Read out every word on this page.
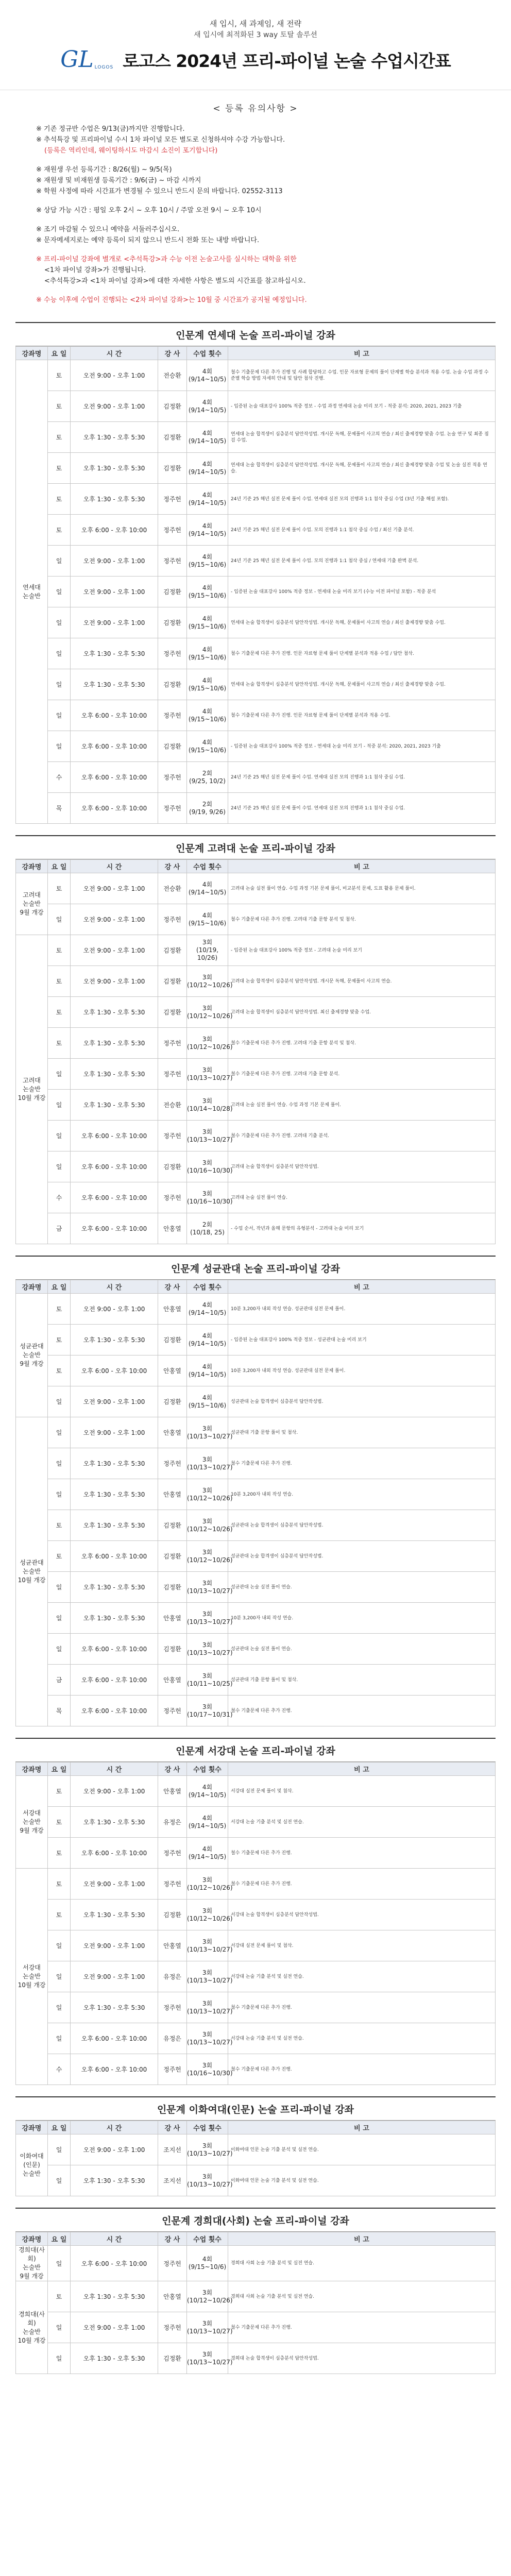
새 입시, 새 과제임, 새 전략
새 입시에 최적화된 3 way 토탈 솔루션
GL LOGOS 로고스 2024년 프리-파이널 논술 수업시간표
< 등록 유의사항 >

※ 기존 정규반 수업은 9/13(금)까지만 진행합니다.

※ 추석특강 및 프리파이널 수시 1차 파이널 모든 별도로 신청하셔야 수강 가능합니다.

(등록은 역리인데, 웨이팅하시도 마감시 소진이 포기합니다)

※ 재원생 우선 등록기간 : 8/26(월) ~ 9/5(목)

※ 재원생 및 비재원생 등록기간 : 9/6(금) ~ 마감 시까지

※ 학원 사정에 따라 시간표가 변경될 수 있으니 반드시 문의 바랍니다. 02552-3113

※ 상담 가능 시간 : 평일 오후 2시 ~ 오후 10시 / 주말 오전 9시 ~ 오후 10시

※ 조기 마감될 수 있으니 예약을 서둘러주십시오.

※ 문자메세지로는 예약 등록이 되지 않으니 반드시 전화 또는 내방 바랍니다.

※ 프리-파이널 강좌에 별개로 <추석특강>과 수능 이전 논술고사를 실시하는 대학을 위한

<1차 파이널 강좌>가 진행됩니다.

<추석특강>과 <1차 파이널 강좌>에 대한 자세한 사항은 별도의 시간표를 참고하십시오.

※ 수능 이후에 수업이 진행되는 <2차 파이널 강좌>는 10월 중 시간표가 공지될 예정입니다.

인문계 연세대 논술 프리-파이널 강좌
강좌명	요 일	시 간	강 사	수업 횟수	비 고
연세대
논술반	토	오전 9:00 - 오후 1:00	전승환	4회
(9/14~10/5)	철수 기출문제 다른 추가 진행 및 사례 합당하고 수업. 인문 자료형 문제의 풀이 단계별 학습 분석과 적용 수업. 논술 수업 과정 수준별 학습 방법 자세히 안내 및 답안 첨삭 진행.
	토	오전 9:00 - 오후 1:00	김정환	4회
(9/14~10/5)	- 입증된 논술 대표강사 100% 적중 정보 - 수업 과정 연세대 논술 미리 보기 - 적중 분석: 2020, 2021, 2023 기출
	토	오후 1:30 - 오후 5:30	김정환	4회
(9/14~10/5)	연세대 논술 합격생이 심층분석 답안작성법. 개시문 독해, 문제풀이 사고의 연습 / 최신 출제경향 맞춤 수업. 논술 연구 및 최종 점검 수업.
	토	오후 1:30 - 오후 5:30	김정환	4회
(9/14~10/5)	연세대 논술 합격생이 심층분석 답안작성법. 개시문 독해, 문제풀이 사고의 연습 / 최신 출제경향 맞춤 수업 및 논술 실전 적용 연습.
	토	오후 1:30 - 오후 5:30	정주헌	4회
(9/14~10/5)	24년 기준 25 해년 실전 문제 풀이 수업. 연세대 실전 모의 진행과 1:1 첨삭 중심 수업 (3년 기출 해설 포함).
	토	오후 6:00 - 오후 10:00	정주헌	4회
(9/14~10/5)	24년 기준 25 해년 실전 문제 풀이 수업. 모의 진행과 1:1 첨삭 중심 수업 / 최신 기출 분석.
	일	오전 9:00 - 오후 1:00	정주헌	4회
(9/15~10/6)	24년 기준 25 해년 실전 문제 풀이 수업. 모의 진행과 1:1 첨삭 중심 / 연세대 기출 완벽 분석.
	일	오전 9:00 - 오후 1:00	김정환	4회
(9/15~10/6)	- 입증된 논술 대표강사 100% 적중 정보 - 연세대 논술 미리 보기 (수능 이전 파이널 포함) - 적중 분석
	일	오전 9:00 - 오후 1:00	김정환	4회
(9/15~10/6)	연세대 논술 합격생이 심층분석 답안작성법. 개시문 독해, 문제풀이 사고의 연습 / 최신 출제경향 맞춤 수업.
	일	오후 1:30 - 오후 5:30	정주헌	4회
(9/15~10/6)	철수 기출문제 다른 추가 진행. 인문 자료형 문제 풀이 단계별 분석과 적용 수업 / 답안 첨삭.
	일	오후 1:30 - 오후 5:30	김정환	4회
(9/15~10/6)	연세대 논술 합격생이 심층분석 답안작성법. 개시문 독해, 문제풀이 사고의 연습 / 최신 출제경향 맞춤 수업.
	일	오후 6:00 - 오후 10:00	정주헌	4회
(9/15~10/6)	철수 기출문제 다른 추가 진행. 인문 자료형 문제 풀이 단계별 분석과 적용 수업.
	일	오후 6:00 - 오후 10:00	김정환	4회
(9/15~10/6)	- 입증된 논술 대표강사 100% 적중 정보 - 연세대 논술 미리 보기 - 적중 분석: 2020, 2021, 2023 기출
	수	오후 6:00 - 오후 10:00	정주헌	2회
(9/25, 10/2)	24년 기준 25 해년 실전 문제 풀이 수업. 연세대 실전 모의 진행과 1:1 첨삭 중심 수업.
	목	오후 6:00 - 오후 10:00	정주헌	2회
(9/19, 9/26)	24년 기준 25 해년 실전 문제 풀이 수업. 연세대 실전 모의 진행과 1:1 첨삭 중심 수업.
인문계 고려대 논술 프리-파이널 강좌
강좌명	요 일	시 간	강 사	수업 횟수	비 고
고려대
논술반
9월 개강	토	오전 9:00 - 오후 1:00	전승환	4회
(9/14~10/5)	고려대 논술 실전 풀이 연습. 수업 과정 기본 문제 풀이, 비교분석 문제, 도표 활용 문제 풀이.
	일	오전 9:00 - 오후 1:00	정주헌	4회
(9/15~10/6)	철수 기출문제 다른 추가 진행. 고려대 기출 문항 분석 및 첨삭.
고려대
논술반
10월 개강	토	오전 9:00 - 오후 1:00	김정환	3회
(10/19, 10/26)	- 입증된 논술 대표강사 100% 적중 정보 - 고려대 논술 미리 보기
	토	오전 9:00 - 오후 1:00	김정환	3회
(10/12~10/26)	고려대 논술 합격생이 심층분석 답안작성법. 개시문 독해, 문제풀이 사고의 연습.
	토	오후 1:30 - 오후 5:30	김정환	3회
(10/12~10/26)	고려대 논술 합격생이 심층분석 답안작성법. 최신 출제경향 맞춤 수업.
	토	오후 1:30 - 오후 5:30	정주헌	3회
(10/12~10/26)	철수 기출문제 다른 추가 진행. 고려대 기출 문항 분석 및 첨삭.
	일	오후 1:30 - 오후 5:30	정주헌	3회
(10/13~10/27)	철수 기출문제 다른 추가 진행. 고려대 기출 문항 분석.
	일	오후 1:30 - 오후 5:30	전승환	3회
(10/14~10/28)	고려대 논술 실전 풀이 연습. 수업 과정 기본 문제 풀이.
	일	오후 6:00 - 오후 10:00	정주헌	3회
(10/13~10/27)	철수 기출문제 다른 추가 진행. 고려대 기출 분석.
	일	오후 6:00 - 오후 10:00	김정환	3회
(10/16~10/30)	고려대 논술 합격생이 심층분석 답안작성법.
	수	오후 6:00 - 오후 10:00	정주헌	3회
(10/16~10/30)	고려대 논술 실전 풀이 연습.
	금	오후 6:00 - 오후 10:00	안홍열	2회
(10/18, 25)	- 수업 순서, 작년과 올해 문항의 유형분석 - 고려대 논술 미리 보기
인문계 성균관대 논술 프리-파이널 강좌
강좌명	요 일	시 간	강 사	수업 횟수	비 고
성균관대
논술반
9월 개강	토	오전 9:00 - 오후 1:00	안홍열	4회
(9/14~10/5)	10분 3,200자 내외 작성 연습. 성균관대 실전 문제 풀이.
	토	오후 1:30 - 오후 5:30	김정환	4회
(9/14~10/5)	- 입증된 논술 대표강사 100% 적중 정보 - 성균관대 논술 미리 보기
	토	오후 6:00 - 오후 10:00	안홍열	4회
(9/14~10/5)	10분 3,200자 내외 작성 연습. 성균관대 실전 문제 풀이.
	일	오전 9:00 - 오후 1:00	김정환	4회
(9/15~10/6)	성균관대 논술 합격생이 심층분석 답안작성법.
성균관대
논술반
10월 개강	일	오전 9:00 - 오후 1:00	안홍열	3회
(10/13~10/27)	성균관대 기출 문항 풀이 및 첨삭.
	일	오후 1:30 - 오후 5:30	정주헌	3회
(10/13~10/27)	철수 기출문제 다른 추가 진행.
	일	오후 1:30 - 오후 5:30	안홍열	3회
(10/12~10/26)	10분 3,200자 내외 작성 연습.
	토	오후 1:30 - 오후 5:30	김정환	3회
(10/12~10/26)	성균관대 논술 합격생이 심층분석 답안작성법.
	토	오후 6:00 - 오후 10:00	김정환	3회
(10/12~10/26)	성균관대 논술 합격생이 심층분석 답안작성법.
	일	오후 1:30 - 오후 5:30	김정환	3회
(10/13~10/27)	성균관대 논술 실전 풀이 연습.
	일	오후 1:30 - 오후 5:30	안홍열	3회
(10/13~10/27)	10분 3,200자 내외 작성 연습.
	일	오후 6:00 - 오후 10:00	김정환	3회
(10/13~10/27)	성균관대 논술 실전 풀이 연습.
	금	오후 6:00 - 오후 10:00	안홍열	3회
(10/11~10/25)	성균관대 기출 문항 풀이 및 첨삭.
	목	오후 6:00 - 오후 10:00	정주헌	3회
(10/17~10/31)	철수 기출문제 다른 추가 진행.
인문계 서강대 논술 프리-파이널 강좌
강좌명	요 일	시 간	강 사	수업 횟수	비 고
서강대
논술반
9월 개강	토	오전 9:00 - 오후 1:00	안홍열	4회
(9/14~10/5)	서강대 실전 문제 풀이 및 첨삭.
	토	오후 1:30 - 오후 5:30	유정은	4회
(9/14~10/5)	서강대 논술 기출 분석 및 실전 연습.
	토	오후 6:00 - 오후 10:00	정주헌	4회
(9/14~10/5)	철수 기출문제 다른 추가 진행.
서강대
논술반
10월 개강	토	오전 9:00 - 오후 1:00	정주헌	3회
(10/12~10/26)	철수 기출문제 다른 추가 진행.
	토	오후 1:30 - 오후 5:30	김정환	3회
(10/12~10/26)	서강대 논술 합격생이 심층분석 답안작성법.
	일	오전 9:00 - 오후 1:00	안홍열	3회
(10/13~10/27)	서강대 실전 문제 풀이 및 첨삭.
	일	오전 9:00 - 오후 1:00	유정은	3회
(10/13~10/27)	서강대 논술 기출 분석 및 실전 연습.
	일	오후 1:30 - 오후 5:30	정주헌	3회
(10/13~10/27)	철수 기출문제 다른 추가 진행.
	일	오후 6:00 - 오후 10:00	유정은	3회
(10/13~10/27)	서강대 논술 기출 분석 및 실전 연습.
	수	오후 6:00 - 오후 10:00	정주헌	3회
(10/16~10/30)	철수 기출문제 다른 추가 진행.
인문계 이화여대(인문) 논술 프리-파이널 강좌
강좌명	요 일	시 간	강 사	수업 횟수	비 고
이화여대
(인문)
논술반	일	오전 9:00 - 오후 1:00	조지선	3회
(10/13~10/27)	이화여대 인문 논술 기출 분석 및 실전 연습.
	일	오후 1:30 - 오후 5:30	조지선	3회
(10/13~10/27)	이화여대 인문 논술 기출 분석 및 실전 연습.
인문계 경희대(사회) 논술 프리-파이널 강좌
강좌명	요 일	시 간	강 사	수업 횟수	비 고
경희대(사회)
논술반
9월 개강	일	오후 6:00 - 오후 10:00	정주헌	4회
(9/15~10/6)	경희대 사회 논술 기출 분석 및 실전 연습.
경희대(사회)
논술반
10월 개강	토	오후 1:30 - 오후 5:30	안홍열	3회
(10/12~10/26)	경희대 사회 논술 기출 분석 및 실전 연습.
	일	오전 9:00 - 오후 1:00	정주헌	3회
(10/13~10/27)	철수 기출문제 다른 추가 진행.
	일	오후 1:30 - 오후 5:30	김정환	3회
(10/13~10/27)	경희대 논술 합격생이 심층분석 답안작성법.
